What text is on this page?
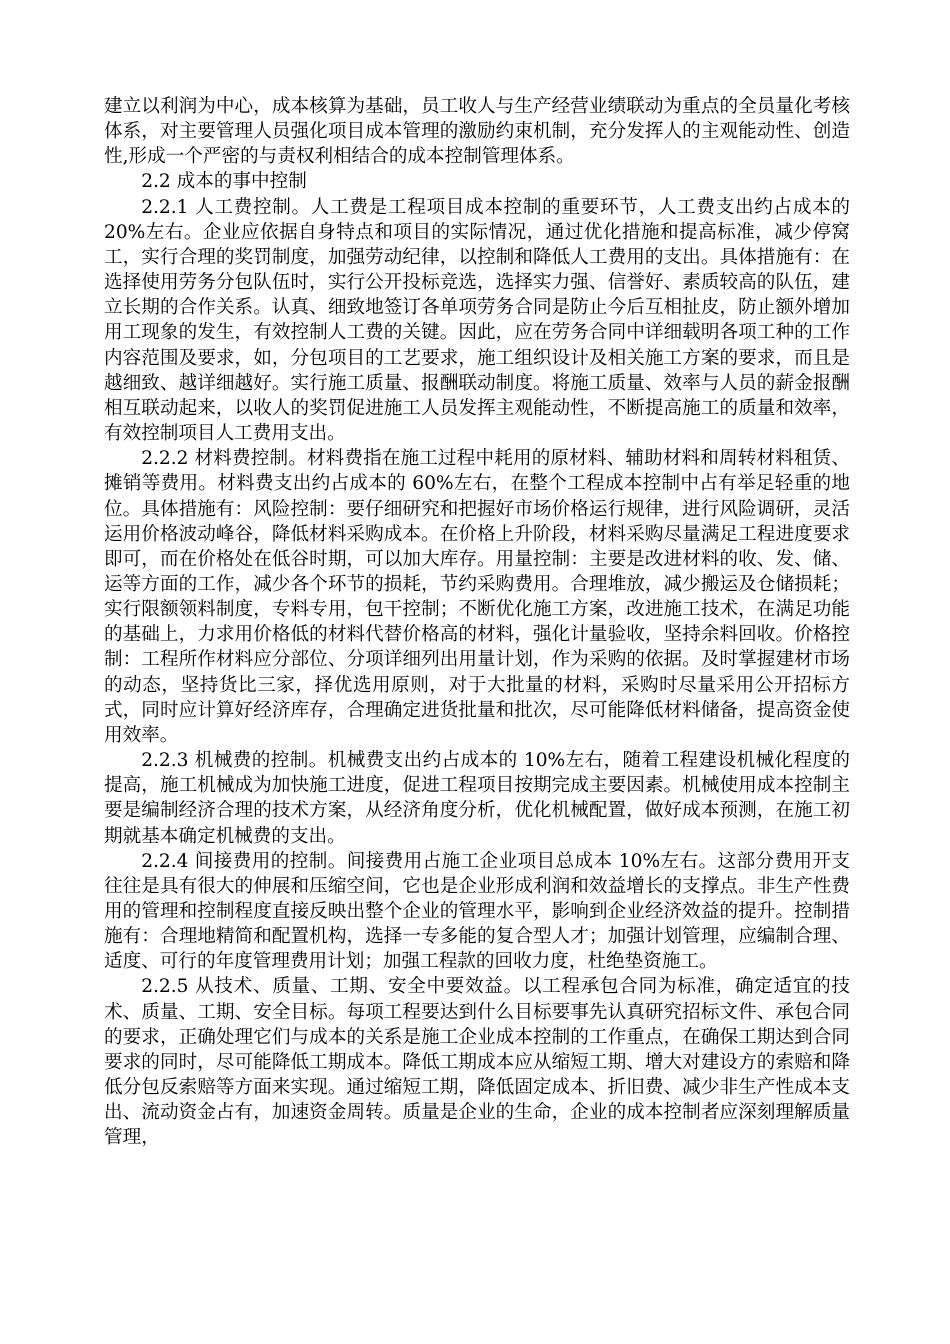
建立以利润为中心，成本核算为基础，员工收人与生产经营业绩联动为重点的全员量化考核体系，对主要管理人员强化项目成本管理的激励约束机制，充分发挥人的主观能动性、创造性,形成一个严密的与责权利相结合的成本控制管理体系。

2.2 成本的事中控制

2.2.1 人工费控制。人工费是工程项目成本控制的重要环节，人工费支出约占成本的 20%左右。企业应依据自身特点和项目的实际情况，通过优化措施和提高标准，减少停窝工，实行合理的奖罚制度，加强劳动纪律，以控制和降低人工费用的支出。具体措施有：在选择使用劳务分包队伍时，实行公开投标竞选，选择实力强、信誉好、素质较高的队伍，建立长期的合作关系。认真、细致地签订各单项劳务合同是防止今后互相扯皮，防止额外增加用工现象的发生，有效控制人工费的关键。因此，应在劳务合同中详细载明各项工种的工作内容范围及要求，如，分包项目的工艺要求，施工组织设计及相关施工方案的要求，而且是越细致、越详细越好。实行施工质量、报酬联动制度。将施工质量、效率与人员的薪金报酬相互联动起来，以收人的奖罚促进施工人员发挥主观能动性，不断提高施工的质量和效率，有效控制项目人工费用支出。

2.2.2 材料费控制。材料费指在施工过程中耗用的原材料、辅助材料和周转材料租赁、摊销等费用。材料费支出约占成本的 60%左右，在整个工程成本控制中占有举足轻重的地位。具体措施有：风险控制：要仔细研究和把握好市场价格运行规律，进行风险调研，灵活运用价格波动峰谷，降低材料采购成本。在价格上升阶段，材料采购尽量满足工程进度要求即可，而在价格处在低谷时期，可以加大库存。用量控制：主要是改进材料的收、发、储、运等方面的工作，减少各个环节的损耗，节约采购费用。合理堆放，减少搬运及仓储损耗；实行限额领料制度，专料专用，包干控制；不断优化施工方案，改进施工技术，在满足功能的基础上，力求用价格低的材料代替价格高的材料，强化计量验收，坚持余料回收。价格控制：工程所作材料应分部位、分项详细列出用量计划，作为采购的依据。及时掌握建材市场的动态，坚持货比三家，择优选用原则，对于大批量的材料，采购时尽量采用公开招标方式，同时应计算好经济库存，合理确定进货批量和批次，尽可能降低材料储备，提高资金使用效率。

2.2.3 机械费的控制。机械费支出约占成本的 10%左右，随着工程建设机械化程度的提高，施工机械成为加快施工进度，促进工程项目按期完成主要因素。机械使用成本控制主要是编制经济合理的技术方案，从经济角度分析，优化机械配置，做好成本预测，在施工初期就基本确定机械费的支出。

2.2.4 间接费用的控制。间接费用占施工企业项目总成本 10%左右。这部分费用开支往往是具有很大的伸展和压缩空间，它也是企业形成利润和效益增长的支撑点。非生产性费用的管理和控制程度直接反映出整个企业的管理水平，影响到企业经济效益的提升。控制措施有：合理地精简和配置机构，选择一专多能的复合型人才；加强计划管理，应编制合理、适度、可行的年度管理费用计划；加强工程款的回收力度，杜绝垫资施工。

2.2.5 从技术、质量、工期、安全中要效益。以工程承包合同为标准，确定适宜的技术、质量、工期、安全目标。每项工程要达到什么目标要事先认真研究招标文件、承包合同的要求，正确处理它们与成本的关系是施工企业成本控制的工作重点，在确保工期达到合同要求的同时，尽可能降低工期成本。降低工期成本应从缩短工期、增大对建设方的索赔和降低分包反索赔等方面来实现。通过缩短工期，降低固定成本、折旧费、减少非生产性成本支出、流动资金占有，加速资金周转。质量是企业的生命，企业的成本控制者应深刻理解质量管理，
